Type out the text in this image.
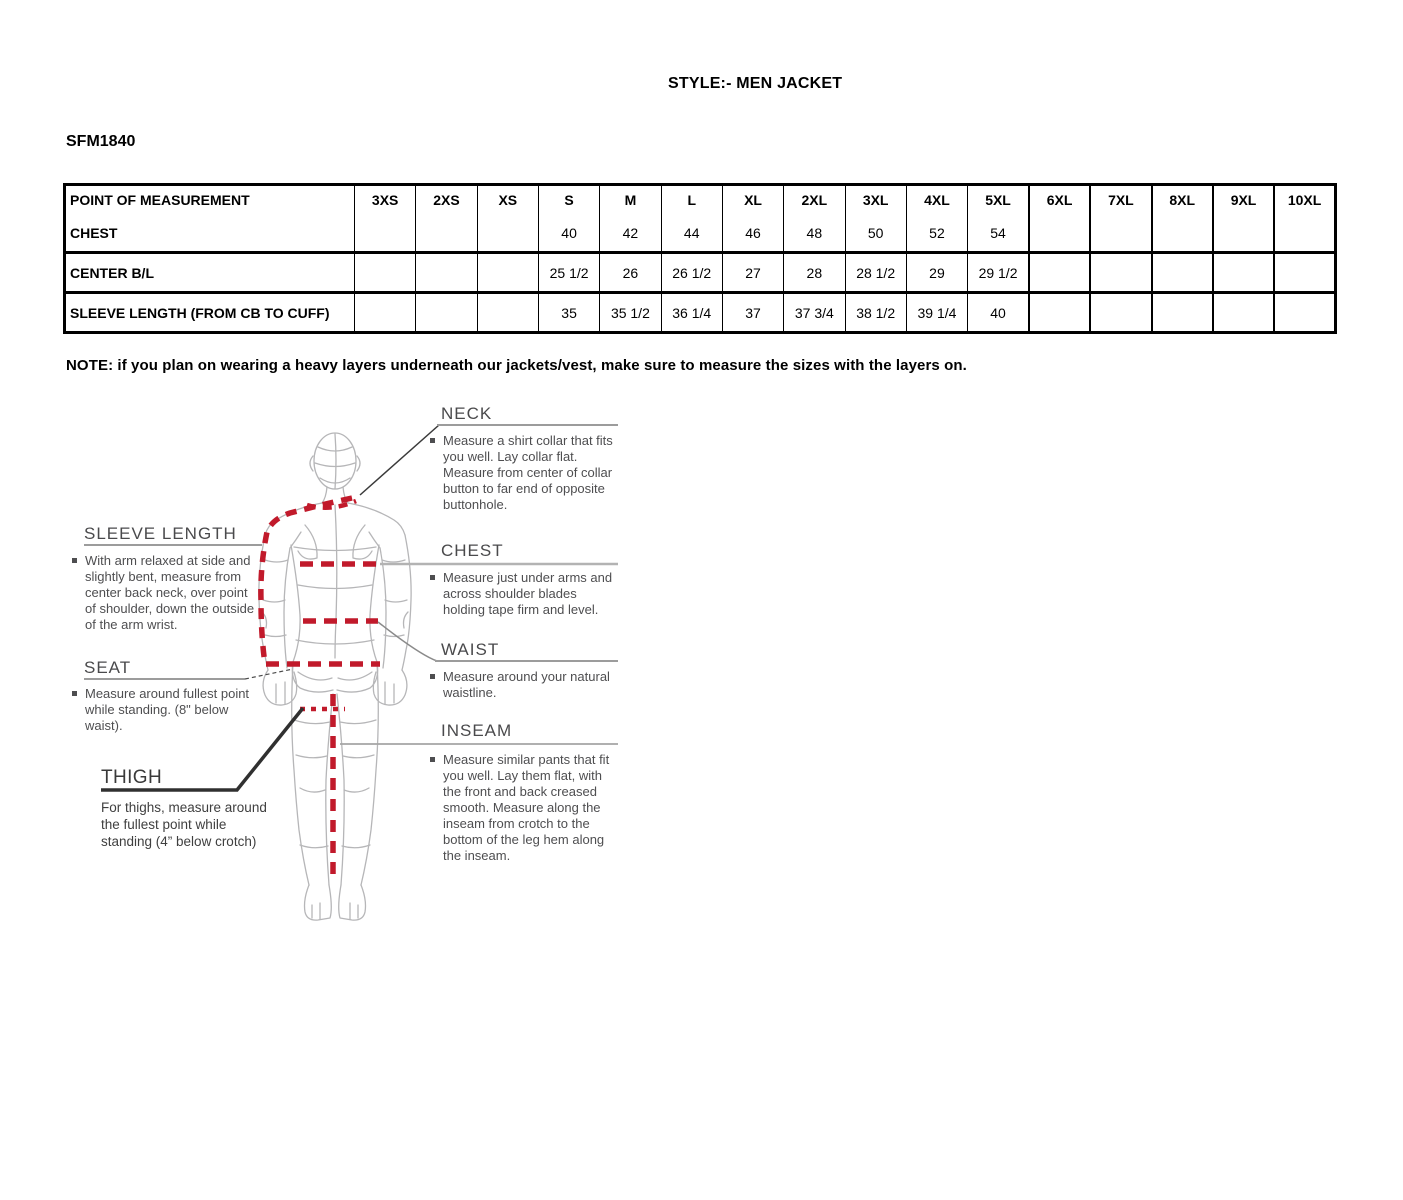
STYLE:- MEN JACKET
SFM1840
POINT OF MEASUREMENT	3XS	2XS	XS	S	M	L	XL	2XL	3XL	4XL	5XL	6XL	7XL	8XL	9XL	10XL
CHEST				40	42	44	46	48	50	52	54					
CENTER B/L				25 1/2	26	26 1/2	27	28	28 1/2	29	29 1/2					
SLEEVE LENGTH (FROM CB TO CUFF)				35	35 1/2	36 1/4	37	37 3/4	38 1/2	39 1/4	40					
NOTE: if you plan on wearing a heavy layers underneath our jackets/vest, make sure to measure the sizes with the layers on.
SLEEVE LENGTH
With arm relaxed at side and slightly bent, measure from center back neck, over point of shoulder, down the outside of the arm wrist.
SEAT
Measure around fullest point while standing. (8" below waist).
THIGH
For thighs, measure around the fullest point while standing (4” below crotch)
NECK
Measure a shirt collar that fits you well. Lay collar flat. Measure from center of collar button to far end of opposite buttonhole.
CHEST
Measure just under arms and across shoulder blades holding tape firm and level.
WAIST
Measure around your natural waistline.
INSEAM
Measure similar pants that fit you well. Lay them flat, with the front and back creased smooth. Measure along the inseam from crotch to the bottom of the leg hem along the inseam.
